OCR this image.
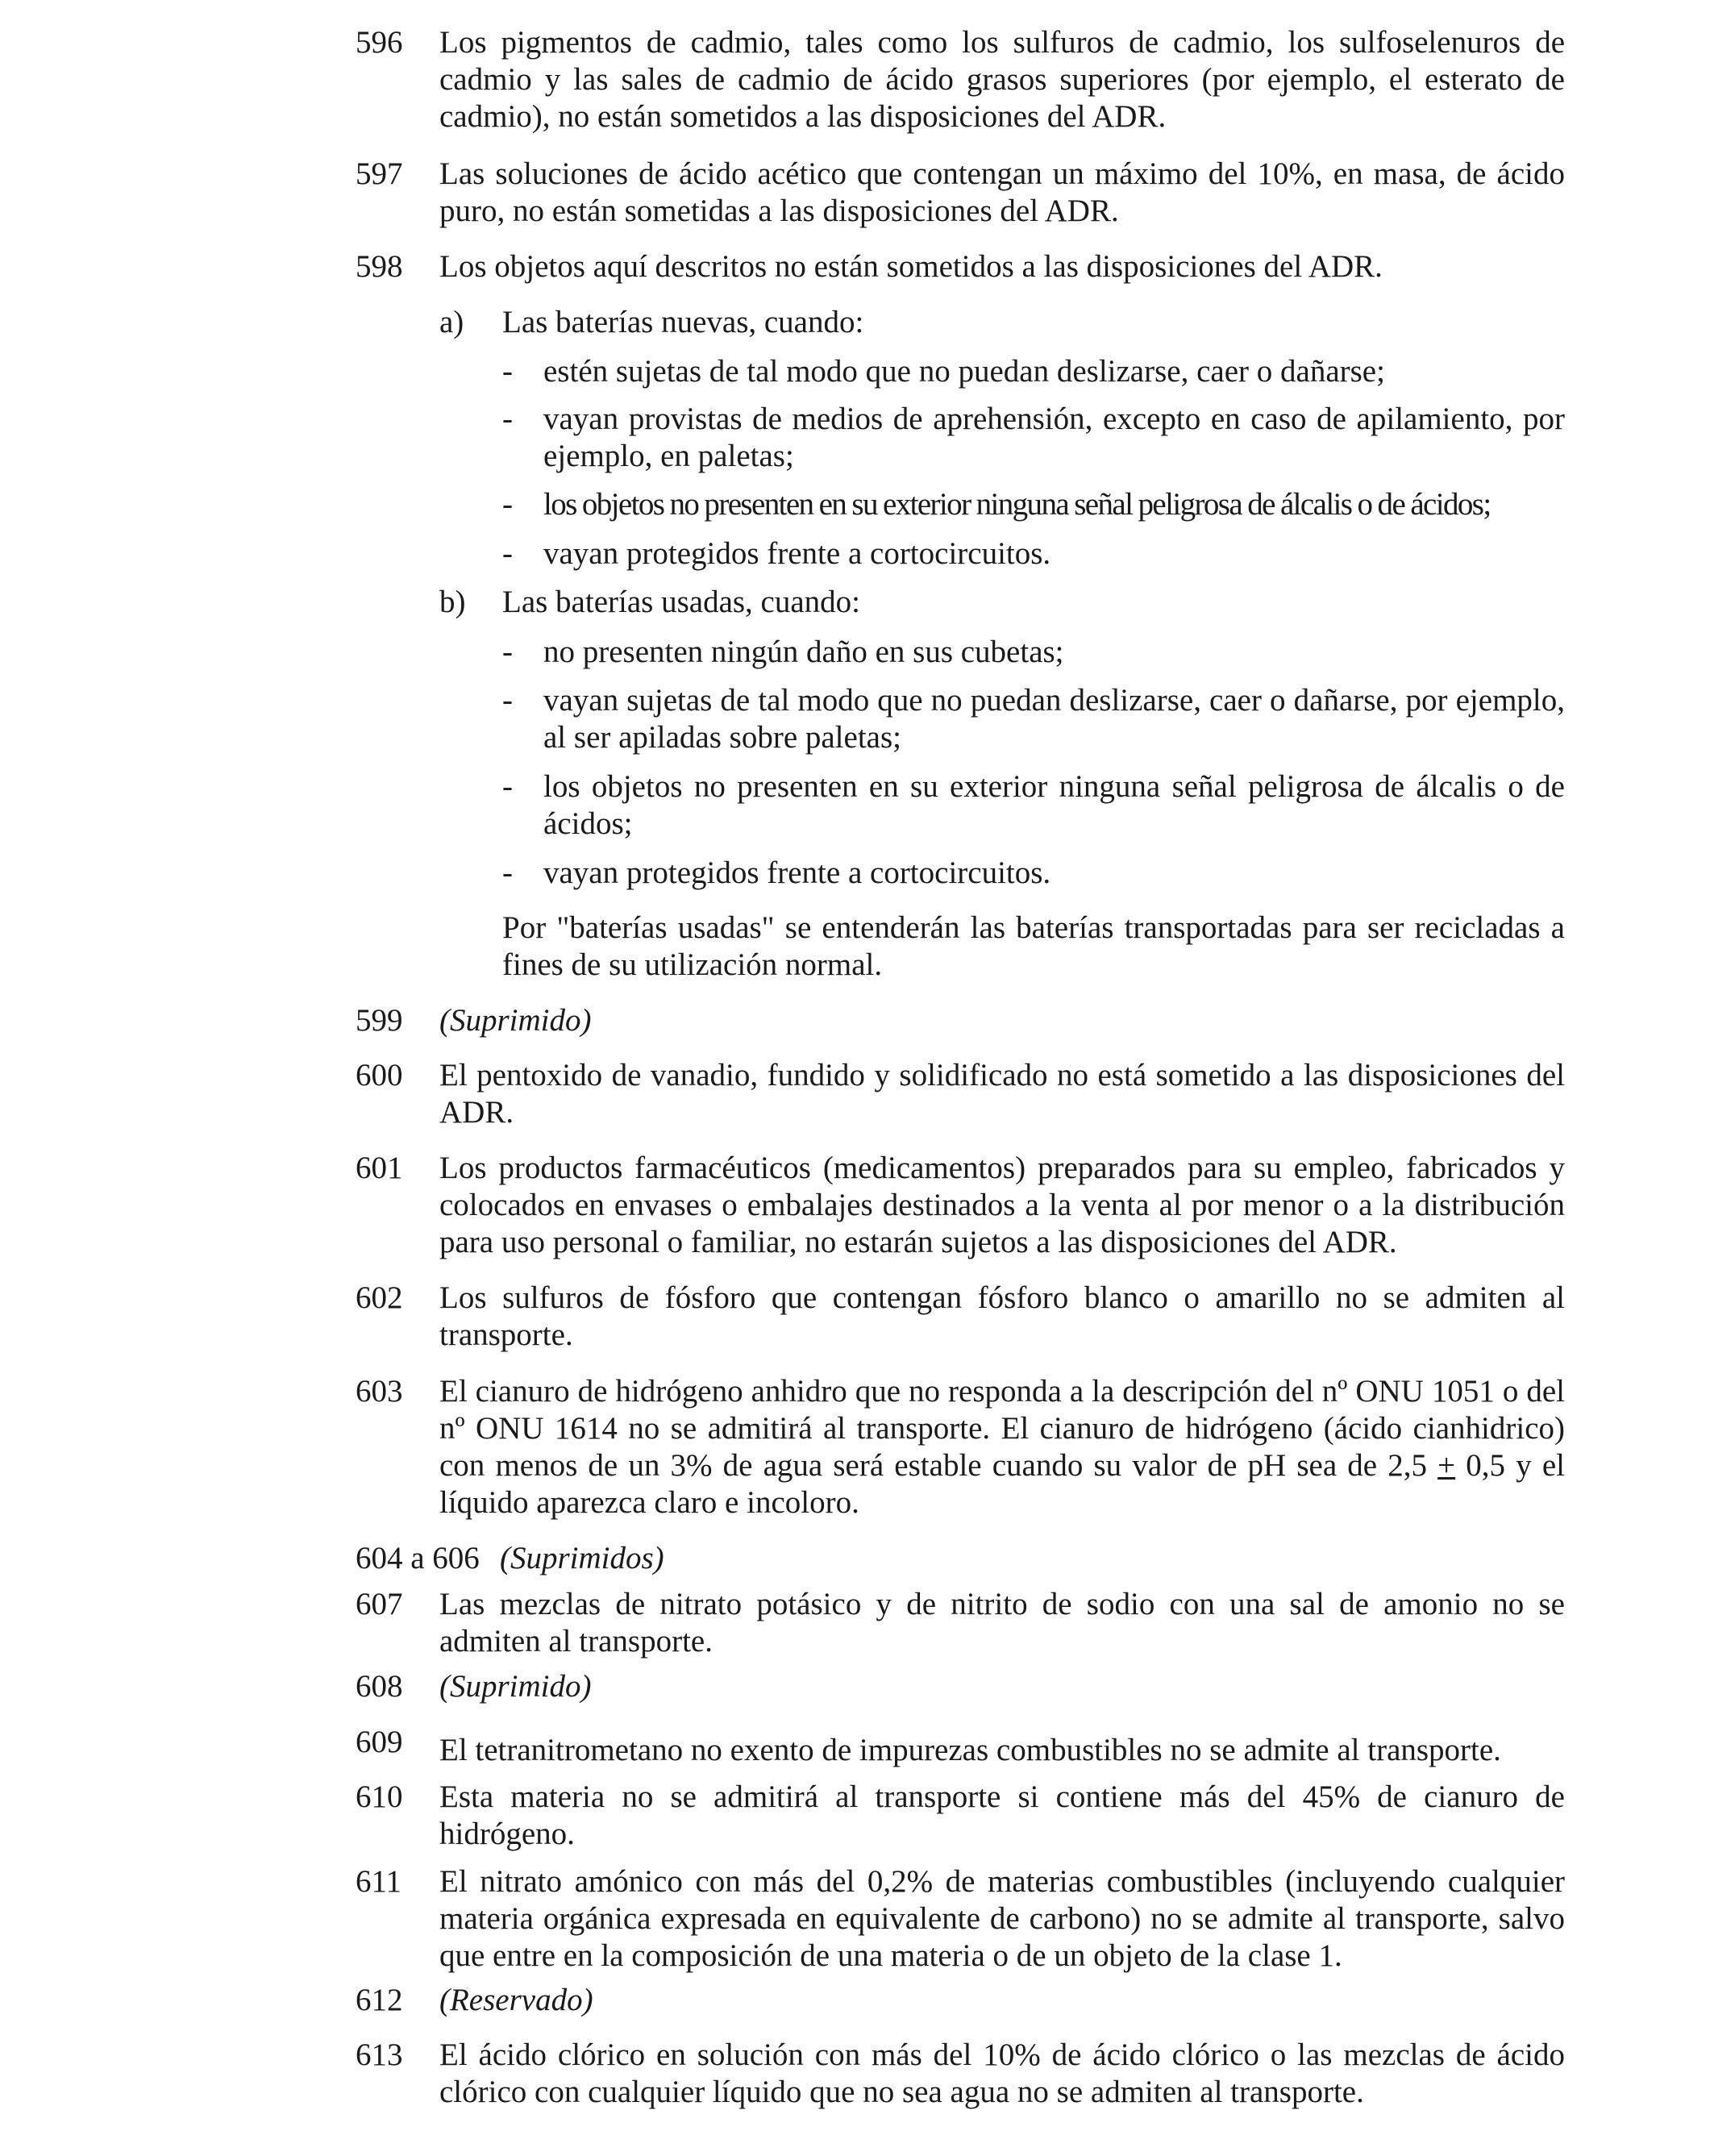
596 Los pigmentos de cadmio, tales como los sulfuros de cadmio, los sulfoselenuros de cadmio y las sales de cadmio de ácido grasos superiores (por ejemplo, el esterato de cadmio), no están sometidos a las disposiciones del ADR.
597 Las soluciones de ácido acético que contengan un máximo del 10%, en masa, de ácido puro, no están sometidas a las disposiciones del ADR.
598 Los objetos aquí descritos no están sometidos a las disposiciones del ADR.
a) Las baterías nuevas, cuando:
- estén sujetas de tal modo que no puedan deslizarse, caer o dañarse;
- vayan provistas de medios de aprehensión, excepto en caso de apilamiento, por ejemplo, en paletas;
- los objetos no presenten en su exterior ninguna señal peligrosa de álcalis o de ácidos;
- vayan protegidos frente a cortocircuitos.
b) Las baterías usadas, cuando:
- no presenten ningún daño en sus cubetas;
- vayan sujetas de tal modo que no puedan deslizarse, caer o dañarse, por ejemplo, al ser apiladas sobre paletas;
- los objetos no presenten en su exterior ninguna señal peligrosa de álcalis o de ácidos;
- vayan protegidos frente a cortocircuitos.
Por "baterías usadas" se entenderán las baterías transportadas para ser recicladas a fines de su utilización normal.
599 (Suprimido)
600 El pentoxido de vanadio, fundido y solidificado no está sometido a las disposiciones del ADR.
601 Los productos farmacéuticos (medicamentos) preparados para su empleo, fabricados y colocados en envases o embalajes destinados a la venta al por menor o a la distribución para uso personal o familiar, no estarán sujetos a las disposiciones del ADR.
602 Los sulfuros de fósforo que contengan fósforo blanco o amarillo no se admiten al transporte.
603 El cianuro de hidrógeno anhidro que no responda a la descripción del nº ONU 1051 o del nº ONU 1614 no se admitirá al transporte. El cianuro de hidrógeno (ácido cianhidrico) con menos de un 3% de agua será estable cuando su valor de pH sea de 2,5 + 0,5 y el líquido aparezca claro e incoloro.
604 a 606 (Suprimidos)
607 Las mezclas de nitrato potásico y de nitrito de sodio con una sal de amonio no se admiten al transporte.
608 (Suprimido)
609 El tetranitrometano no exento de impurezas combustibles no se admite al transporte.
610 Esta materia no se admitirá al transporte si contiene más del 45% de cianuro de hidrógeno.
611 El nitrato amónico con más del 0,2% de materias combustibles (incluyendo cualquier materia orgánica expresada en equivalente de carbono) no se admite al transporte, salvo que entre en la composición de una materia o de un objeto de la clase 1.
612 (Reservado)
613 El ácido clórico en solución con más del 10% de ácido clórico o las mezclas de ácido clórico con cualquier líquido que no sea agua no se admiten al transporte.
